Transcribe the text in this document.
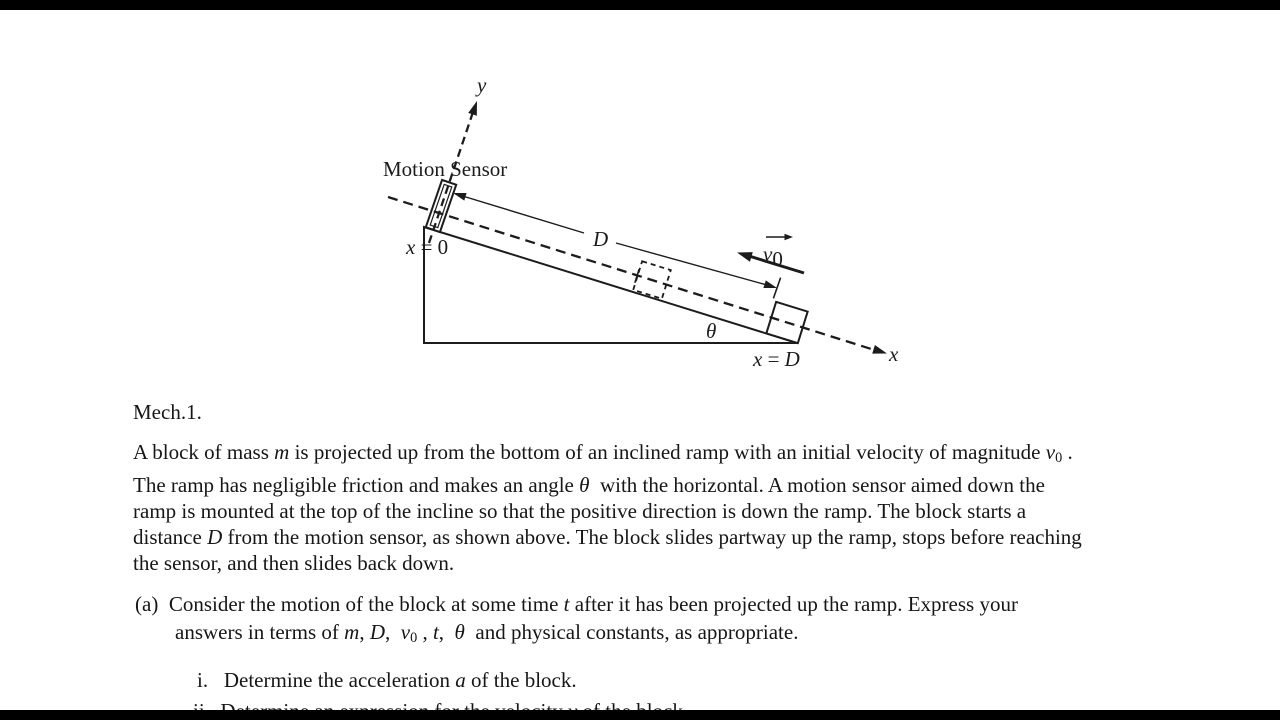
y
x
Motion Sensor
x = 0	D
v0
θ
x = D
Mech.1.
A block of mass m is projected up from the bottom of an inclined ramp with an initial velocity of magnitude $v_0$ .
The ramp has negligible friction and makes an angle θ  with the horizontal. A motion sensor aimed down the
ramp is mounted at the top of the incline so that the positive direction is down the ramp. The block starts a
distance D from the motion sensor, as shown above. The block slides partway up the ramp, stops before reaching
the sensor, and then slides back down.
(a)  Consider the motion of the block at some time t after it has been projected up the ramp. Express your
answers in terms of m, D,  $v_0$ , t,  θ  and physical constants, as appropriate.
i.   Determine the acceleration a of the block.
